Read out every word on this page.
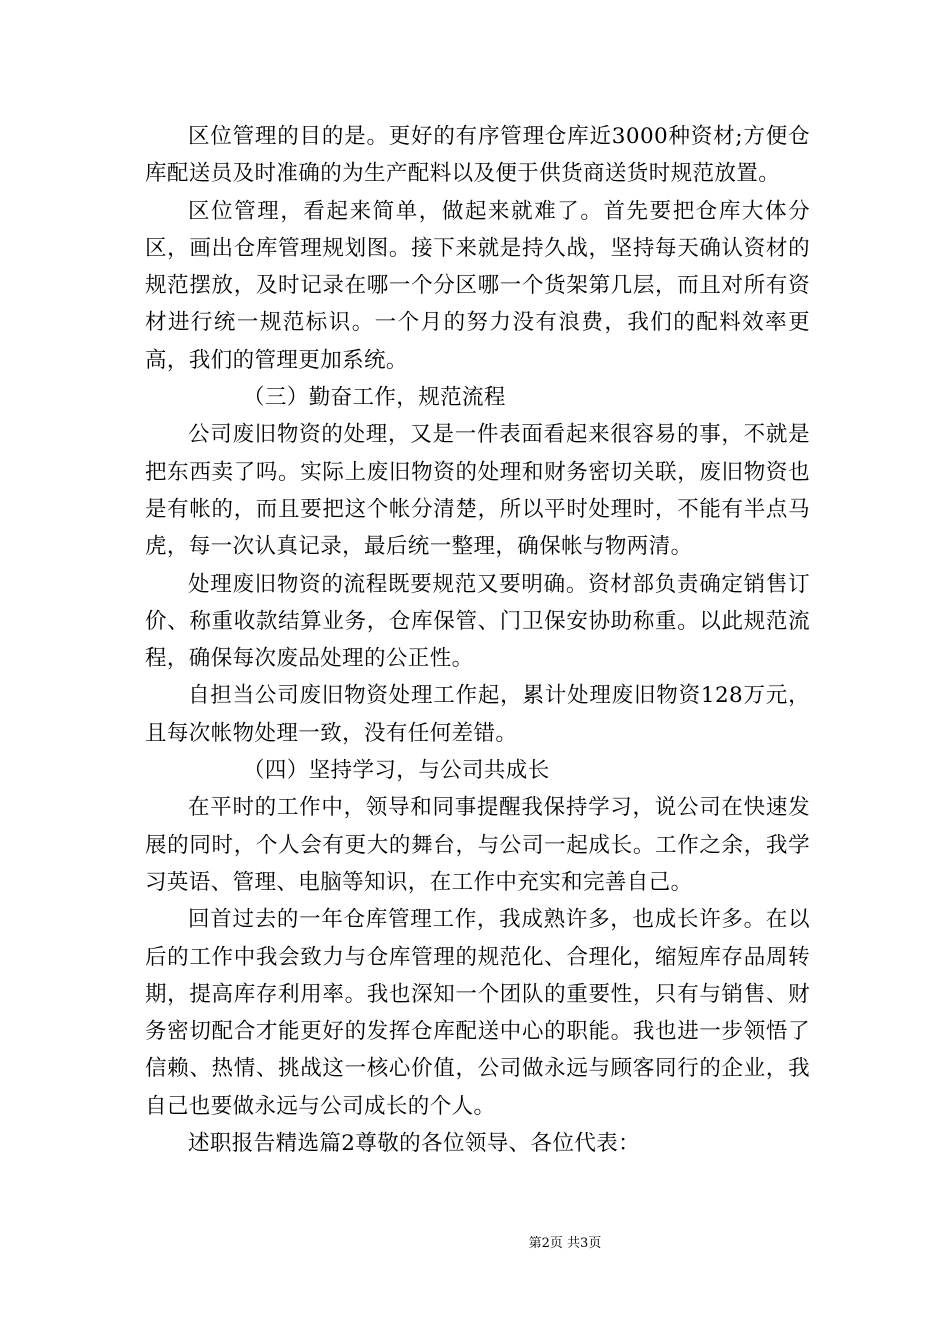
区位管理的目的是。更好的有序管理仓库近3000种资材;方便仓库配送员及时准确的为生产配料以及便于供货商送货时规范放置。

区位管理，看起来简单，做起来就难了。首先要把仓库大体分区，画出仓库管理规划图。接下来就是持久战，坚持每天确认资材的规范摆放，及时记录在哪一个分区哪一个货架第几层，而且对所有资材进行统一规范标识。一个月的努力没有浪费，我们的配料效率更高，我们的管理更加系统。

（三）勤奋工作，规范流程

公司废旧物资的处理，又是一件表面看起来很容易的事，不就是把东西卖了吗。实际上废旧物资的处理和财务密切关联，废旧物资也是有帐的，而且要把这个帐分清楚，所以平时处理时，不能有半点马虎，每一次认真记录，最后统一整理，确保帐与物两清。

处理废旧物资的流程既要规范又要明确。资材部负责确定销售订价、称重收款结算业务，仓库保管、门卫保安协助称重。以此规范流程，确保每次废品处理的公正性。

自担当公司废旧物资处理工作起，累计处理废旧物资128万元，且每次帐物处理一致，没有任何差错。

（四）坚持学习，与公司共成长

在平时的工作中，领导和同事提醒我保持学习，说公司在快速发展的同时，个人会有更大的舞台，与公司一起成长。工作之余，我学习英语、管理、电脑等知识，在工作中充实和完善自己。

回首过去的一年仓库管理工作，我成熟许多，也成长许多。在以后的工作中我会致力与仓库管理的规范化、合理化，缩短库存品周转期，提高库存利用率。我也深知一个团队的重要性，只有与销售、财务密切配合才能更好的发挥仓库配送中心的职能。我也进一步领悟了信赖、热情、挑战这一核心价值，公司做永远与顾客同行的企业，我自己也要做永远与公司成长的个人。

述职报告精选篇2尊敬的各位领导、各位代表：

第2页 共3页
